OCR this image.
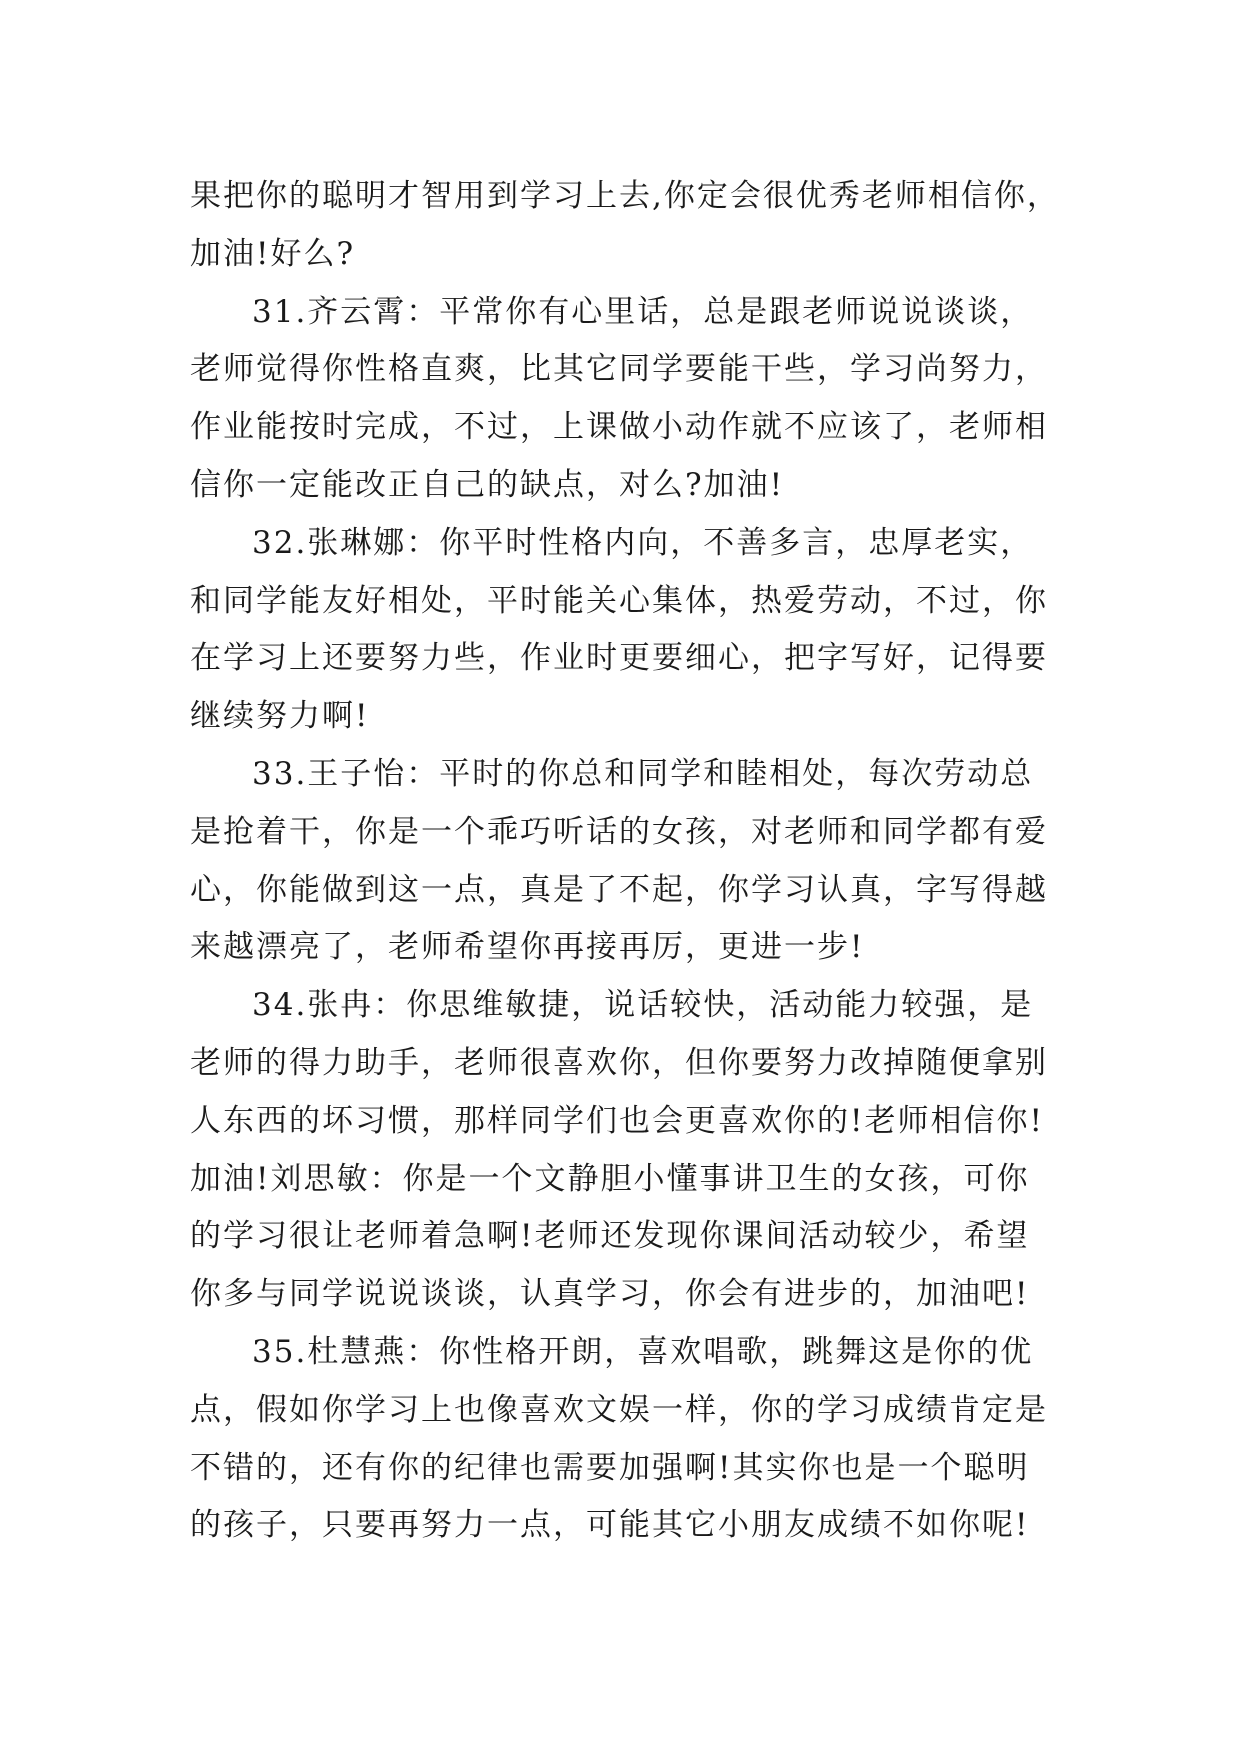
果把你的聪明才智用到学习上去,你定会很优秀老师相信你，
加油!好么?
31.齐云霄：平常你有心里话，总是跟老师说说谈谈，
老师觉得你性格直爽，比其它同学要能干些，学习尚努力，
作业能按时完成，不过，上课做小动作就不应该了，老师相
信你一定能改正自己的缺点，对么?加油!
32.张琳娜：你平时性格内向，不善多言，忠厚老实，
和同学能友好相处，平时能关心集体，热爱劳动，不过，你
在学习上还要努力些，作业时更要细心，把字写好，记得要
继续努力啊!
33.王子怡：平时的你总和同学和睦相处，每次劳动总
是抢着干，你是一个乖巧听话的女孩，对老师和同学都有爱
心，你能做到这一点，真是了不起，你学习认真，字写得越
来越漂亮了，老师希望你再接再厉，更进一步!
34.张冉：你思维敏捷，说话较快，活动能力较强，是
老师的得力助手，老师很喜欢你，但你要努力改掉随便拿别
人东西的坏习惯，那样同学们也会更喜欢你的!老师相信你!
加油!刘思敏：你是一个文静胆小懂事讲卫生的女孩，可你
的学习很让老师着急啊!老师还发现你课间活动较少，希望
你多与同学说说谈谈，认真学习，你会有进步的，加油吧!
35.杜慧燕：你性格开朗，喜欢唱歌，跳舞这是你的优
点，假如你学习上也像喜欢文娱一样，你的学习成绩肯定是
不错的，还有你的纪律也需要加强啊!其实你也是一个聪明
的孩子，只要再努力一点，可能其它小朋友成绩不如你呢!
